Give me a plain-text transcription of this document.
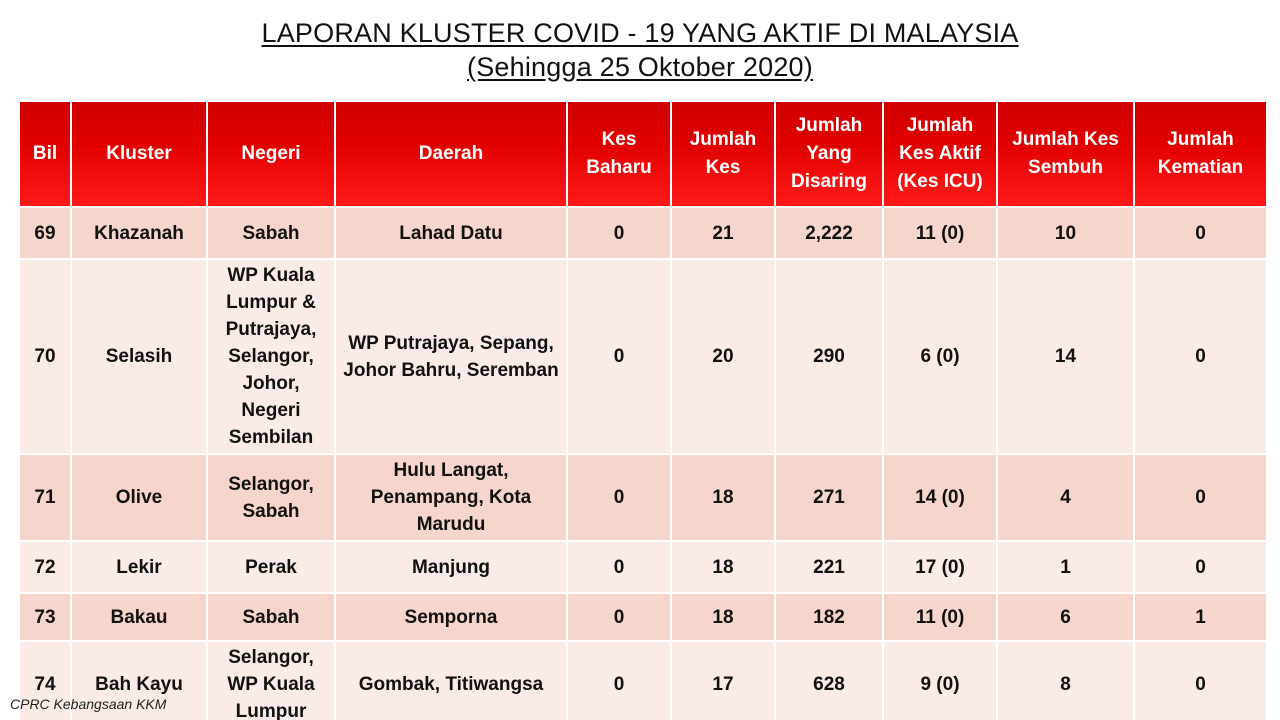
LAPORAN KLUSTER COVID - 19 YANG AKTIF DI MALAYSIA
(Sehingga 25 Oktober 2020)
Bil	Kluster	Negeri	Daerah	Kes Baharu	Jumlah Kes	Jumlah Yang Disaring	Jumlah Kes Aktif (Kes ICU)	Jumlah Kes Sembuh	Jumlah Kematian
69	Khazanah	Sabah	Lahad Datu	0	21	2,222	11 (0)	10	0
70	Selasih	WP Kuala Lumpur & Putrajaya, Selangor, Johor, Negeri Sembilan	WP Putrajaya, Sepang, Johor Bahru, Seremban	0	20	290	6 (0)	14	0
71	Olive	Selangor, Sabah	Hulu Langat, Penampang, Kota Marudu	0	18	271	14 (0)	4	0
72	Lekir	Perak	Manjung	0	18	221	17 (0)	1	0
73	Bakau	Sabah	Semporna	0	18	182	11 (0)	6	1
74	Bah Kayu	Selangor, WP Kuala Lumpur	Gombak, Titiwangsa	0	17	628	9 (0)	8	0
CPRC Kebangsaan KKM
